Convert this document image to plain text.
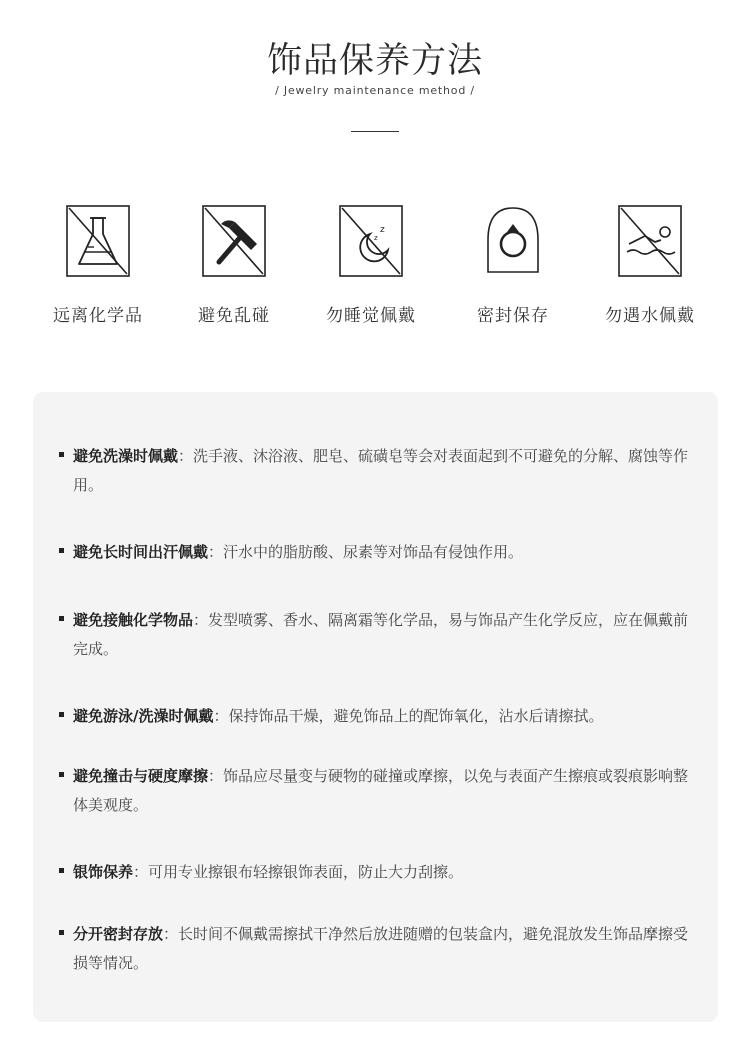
饰品保养方法
/ Jewelry maintenance method /
远离化学品	避免乱碰
z
z
勿睡觉佩戴	密封保存	勿遇水佩戴
避免洗澡时佩戴：洗手液、沐浴液、肥皂、硫磺皂等会对表面起到不可避免的分解、腐蚀等作用。
避免长时间出汗佩戴：汗水中的脂肪酸、尿素等对饰品有侵蚀作用。
避免接触化学物品：发型喷雾、香水、隔离霜等化学品，易与饰品产生化学反应，应在佩戴前完成。
避免游泳/洗澡时佩戴：保持饰品干燥，避免饰品上的配饰氧化，沾水后请擦拭。
避免撞击与硬度摩擦：饰品应尽量变与硬物的碰撞或摩擦，以免与表面产生擦痕或裂痕影响整体美观度。
银饰保养：可用专业擦银布轻擦银饰表面，防止大力刮擦。
分开密封存放：长时间不佩戴需擦拭干净然后放进随赠的包装盒内，避免混放发生饰品摩擦受损等情况。
